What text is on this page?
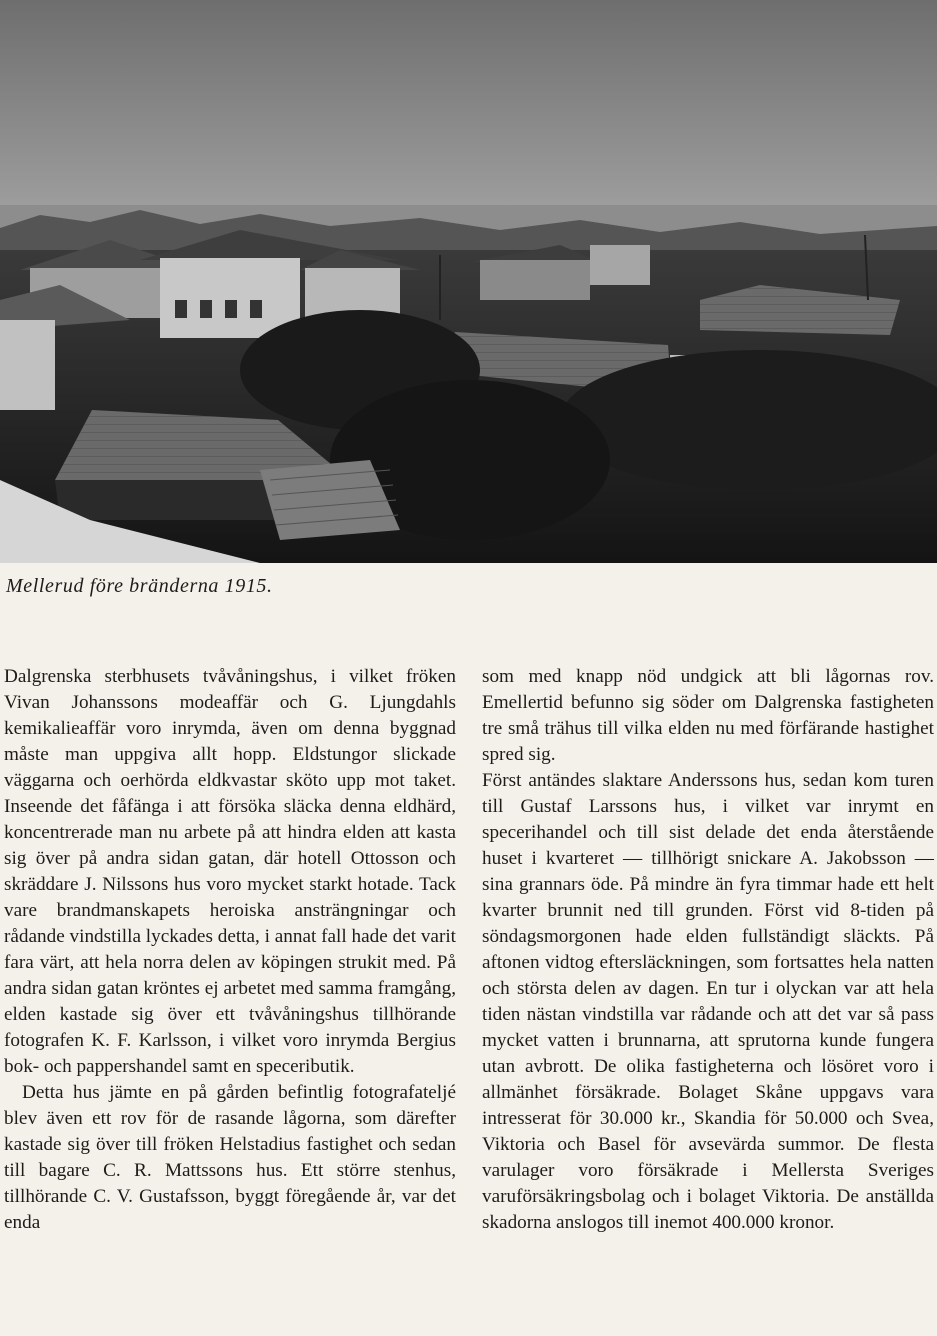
Mellerud före bränderna 1915.

Dalgrenska sterbhusets tvåvåningshus, i vilket fröken Vivan Johanssons modeaffär och G. Ljungdahls kemikalieaffär voro inrymda, även om denna byggnad måste man uppgiva allt hopp. Eldstungor slickade väggarna och oerhörda eldkvastar sköto upp mot taket. Inseende det fåfänga i att försöka släcka denna eldhärd, koncentrerade man nu arbete på att hindra elden att kasta sig över på andra sidan gatan, där hotell Ottosson och skräddare J. Nilssons hus voro mycket starkt hotade. Tack vare brandmanskapets heroiska ansträngningar och rådande vindstilla lyckades detta, i annat fall hade det varit fara värt, att hela norra delen av köpingen strukit med. På andra sidan gatan kröntes ej arbetet med samma framgång, elden kastade sig över ett tvåvåningshus tillhörande fotografen K. F. Karlsson, i vilket voro inrymda Bergius bok- och pappershandel samt en speceributik.

Detta hus jämte en på gården befintlig fotografateljé blev även ett rov för de rasande lågorna, som därefter kastade sig över till fröken Helstadius fastighet och sedan till bagare C. R. Mattssons hus. Ett större stenhus, tillhörande C. V. Gustafsson, byggt föregående år, var det enda

som med knapp nöd undgick att bli lågornas rov. Emellertid befunno sig söder om Dalgrenska fastigheten tre små trähus till vilka elden nu med förfärande hastighet spred sig.

Först antändes slaktare Anderssons hus, sedan kom turen till Gustaf Larssons hus, i vilket var inrymt en specerihandel och till sist delade det enda återstående huset i kvarteret — tillhörigt snickare A. Jakobsson — sina grannars öde. På mindre än fyra timmar hade ett helt kvarter brunnit ned till grunden. Först vid 8-tiden på söndagsmorgonen hade elden fullständigt släckts. På aftonen vidtog eftersläckningen, som fortsattes hela natten och största delen av dagen. En tur i olyckan var att hela tiden nästan vindstilla var rådande och att det var så pass mycket vatten i brunnarna, att sprutorna kunde fungera utan avbrott. De olika fastigheterna och lösöret voro i allmänhet försäkrade. Bolaget Skåne uppgavs vara intresserat för 30.000 kr., Skandia för 50.000 och Svea, Viktoria och Basel för avsevärda summor. De flesta varulager voro försäkrade i Mellersta Sveriges varuförsäkringsbolag och i bolaget Viktoria. De anställda skadorna anslogos till inemot 400.000 kronor.
